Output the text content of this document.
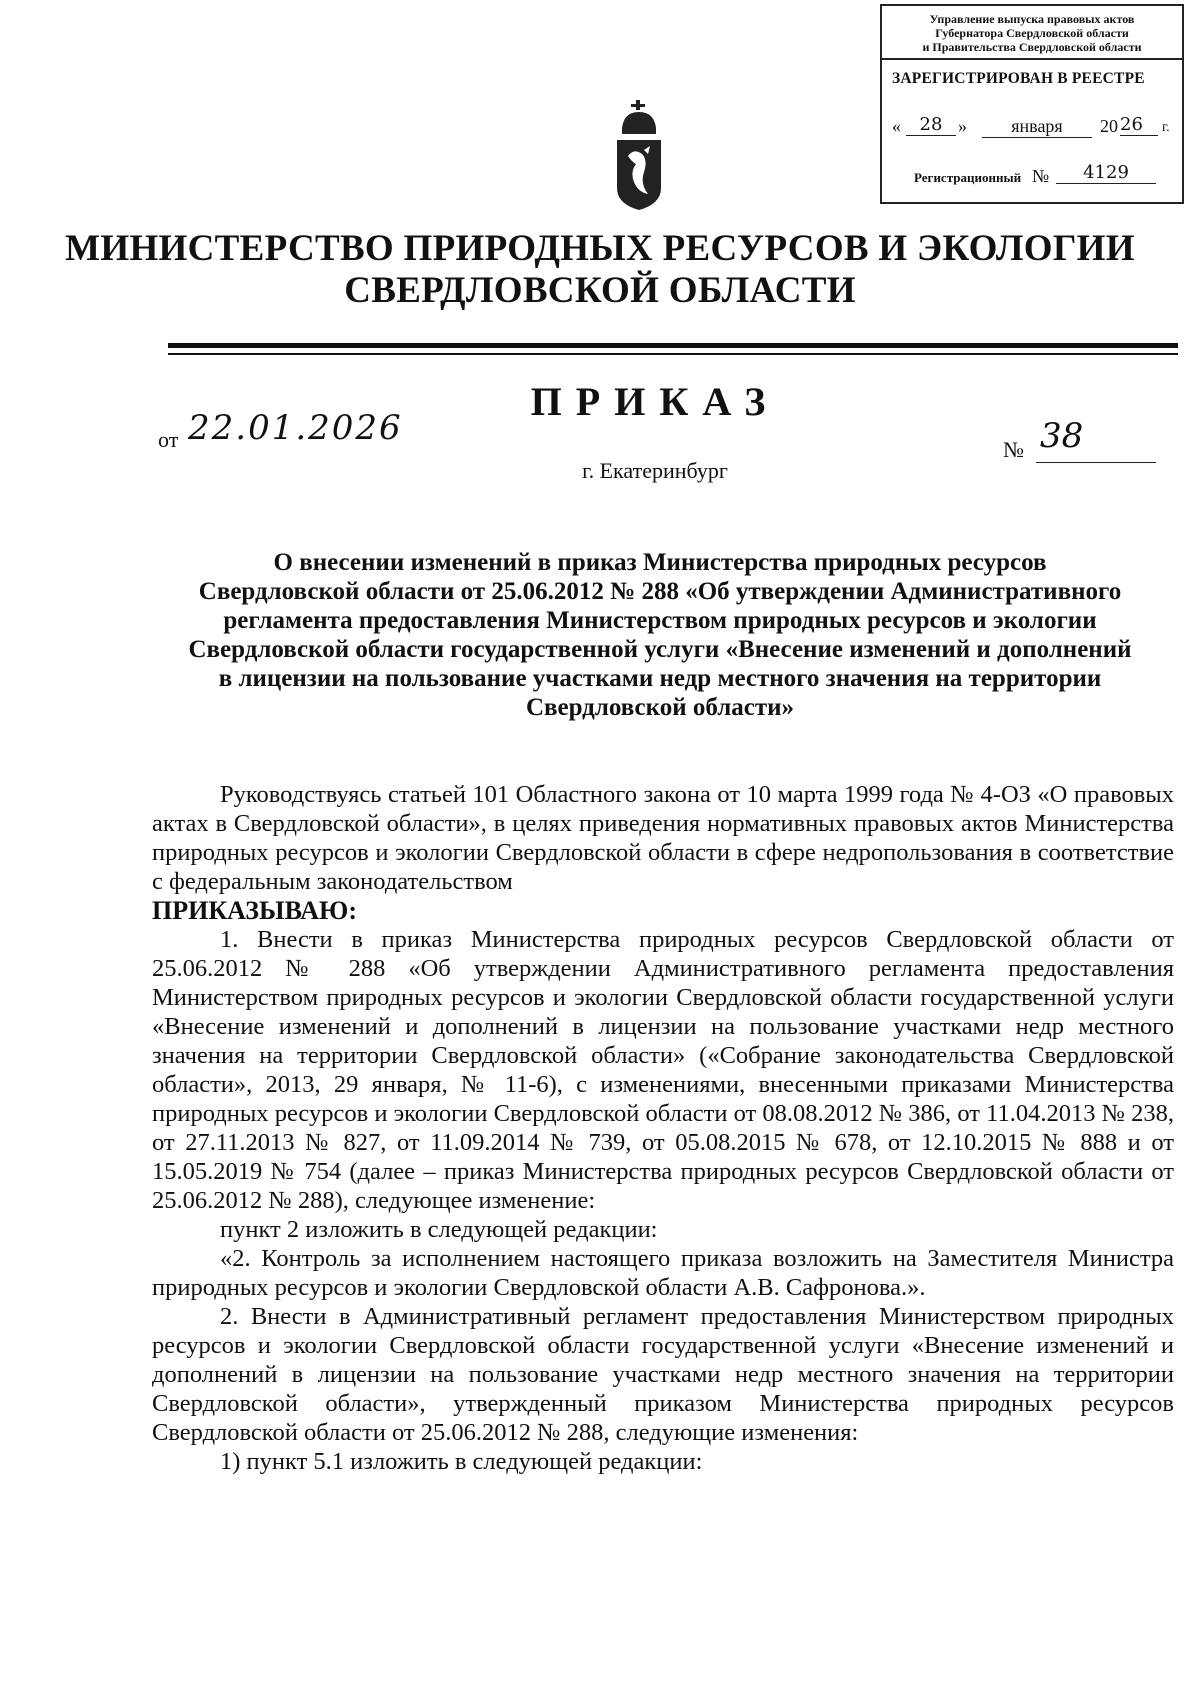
Управление выпуска правовых актов
Губернатора Свердловской области
и Правительства Свердловской области
ЗАРЕГИСТРИРОВАН В РЕЕСТРЕ
«	28 »	января	20 26	г.
Регистрационный №	4129
МИНИСТЕРСТВО ПРИРОДНЫХ РЕСУРСОВ И ЭКОЛОГИИ
СВЕРДЛОВСКОЙ ОБЛАСТИ
ПРИКАЗ
от 22.01.2026
г. Екатеринбург
№ 38
О внесении изменений в приказ Министерства природных ресурсов
Свердловской области от 25.06.2012 № 288 «Об утверждении Административного
регламента предоставления Министерством природных ресурсов и экологии
Свердловской области государственной услуги «Внесение изменений и дополнений
в лицензии на пользование участками недр местного значения на территории
Свердловской области»

Руководствуясь статьей 101 Областного закона от 10 марта 1999 года № 4-ОЗ «О правовых актах в Свердловской области», в целях приведения нормативных правовых актов Министерства природных ресурсов и экологии Свердловской области в сфере недропользования в соответствие с федеральным законодательством

ПРИКАЗЫВАЮ:

1. Внести в приказ Министерства природных ресурсов Свердловской области от 25.06.2012 № 288 «Об утверждении Административного регламента предоставления Министерством природных ресурсов и экологии Свердловской области государственной услуги «Внесение изменений и дополнений в лицензии на пользование участками недр местного значения на территории Свердловской области» («Собрание законодательства Свердловской области», 2013, 29 января, № 11-6), с изменениями, внесенными приказами Министерства природных ресурсов и экологии Свердловской области от 08.08.2012 № 386, от 11.04.2013 № 238, от 27.11.2013 № 827, от 11.09.2014 № 739, от 05.08.2015 № 678, от 12.10.2015 № 888 и от 15.05.2019 № 754 (далее – приказ Министерства природных ресурсов Свердловской области от 25.06.2012 № 288), следующее изменение:

пункт 2 изложить в следующей редакции:

«2. Контроль за исполнением настоящего приказа возложить на Заместителя Министра природных ресурсов и экологии Свердловской области А.В. Сафронова.».

2. Внести в Административный регламент предоставления Министерством природных ресурсов и экологии Свердловской области государственной услуги «Внесение изменений и дополнений в лицензии на пользование участками недр местного значения на территории Свердловской области», утвержденный приказом Министерства природных ресурсов Свердловской области от 25.06.2012 № 288, следующие изменения:

1) пункт 5.1 изложить в следующей редакции:
